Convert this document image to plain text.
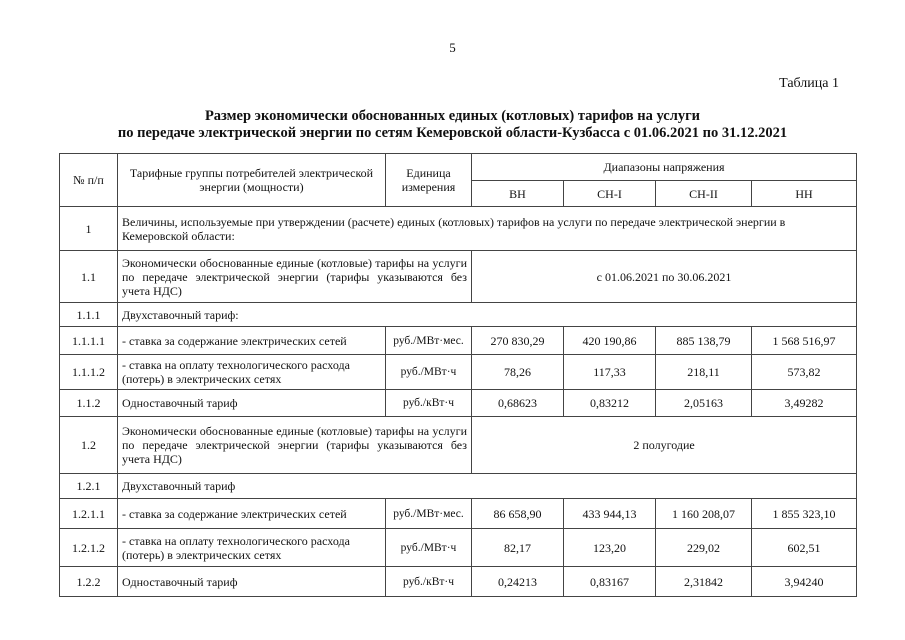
5
Таблица 1
Размер экономически обоснованных единых (котловых) тарифов на услуги
по передаче электрической энергии по сетям Кемеровской области-Кузбасса с 01.06.2021 по 31.12.2021
№ п/п	Тарифные группы потребителей электрической энергии (мощности)	Единица измерения	Диапазоны напряжения			
			ВН	СН-I	СН-II	НН
1	Величины, используемые при утверждении (расчете) единых (котловых) тарифов на услуги по передаче электрической энергии в Кемеровской области:					
1.1	Экономически обоснованные единые (котловые) тарифы на услуги по передаче электрической энергии (тарифы указываются без учета НДС)		с 01.06.2021 по 30.06.2021			
1.1.1	Двухставочный тариф:					
1.1.1.1	- ставка за содержание электрических сетей	руб./МВт·мес.	270 830,29	420 190,86	885 138,79	1 568 516,97
1.1.1.2	- ставка на оплату технологического расхода (потерь) в электрических сетях	руб./МВт·ч	78,26	117,33	218,11	573,82
1.1.2	Одноставочный тариф	руб./кВт·ч	0,68623	0,83212	2,05163	3,49282
1.2	Экономически обоснованные единые (котловые) тарифы на услуги по передаче электрической энергии (тарифы указываются без учета НДС)		2 полугодие			
1.2.1	Двухставочный тариф					
1.2.1.1	- ставка за содержание электрических сетей	руб./МВт·мес.	86 658,90	433 944,13	1 160 208,07	1 855 323,10
1.2.1.2	- ставка на оплату технологического расхода (потерь) в электрических сетях	руб./МВт·ч	82,17	123,20	229,02	602,51
1.2.2	Одноставочный тариф	руб./кВт·ч	0,24213	0,83167	2,31842	3,94240
